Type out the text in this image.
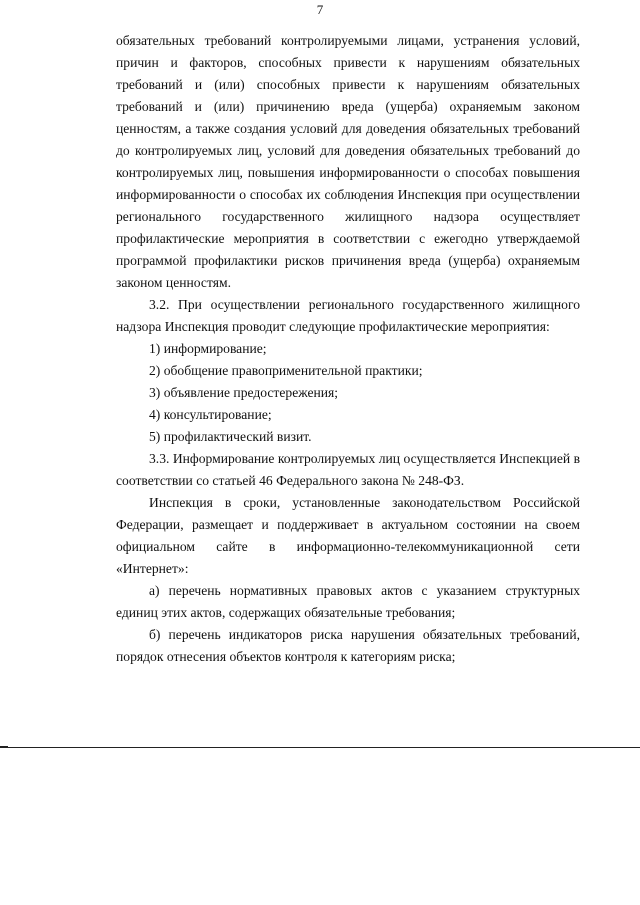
7

обязательных требований контролируемыми лицами, устранения условий, причин и факторов, способных привести к нарушениям обязательных требований и (или) способных привести к нарушениям обязательных требований и (или) причинению вреда (ущерба) охраняемым законом ценностям, а также создания условий для доведения обязательных требований до контролируемых лиц, условий для доведения обязательных требований до контролируемых лиц, повышения информированности о способах повышения информированности о способах их соблюдения Инспекция при осуществлении регионального государственного жилищного надзора осуществляет профилактические мероприятия в соответствии с ежегодно утверждаемой программой профилактики рисков причинения вреда (ущерба) охраняемым законом ценностям.

3.2. При осуществлении регионального государственного жилищного надзора Инспекция проводит следующие профилактические мероприятия:

1) информирование;

2) обобщение правоприменительной практики;

3) объявление предостережения;

4) консультирование;

5) профилактический визит.

3.3. Информирование контролируемых лиц осуществляется Инспекцией в соответствии со статьей 46 Федерального закона № 248-ФЗ.

Инспекция в сроки, установленные законодательством Российской Федерации, размещает и поддерживает в актуальном состоянии на своем официальном сайте в информационно-телекоммуникационной сети «Интернет»:

а) перечень нормативных правовых актов с указанием структурных единиц этих актов, содержащих обязательные требования;

б) перечень индикаторов риска нарушения обязательных требований, порядок отнесения объектов контроля к категориям риска;
